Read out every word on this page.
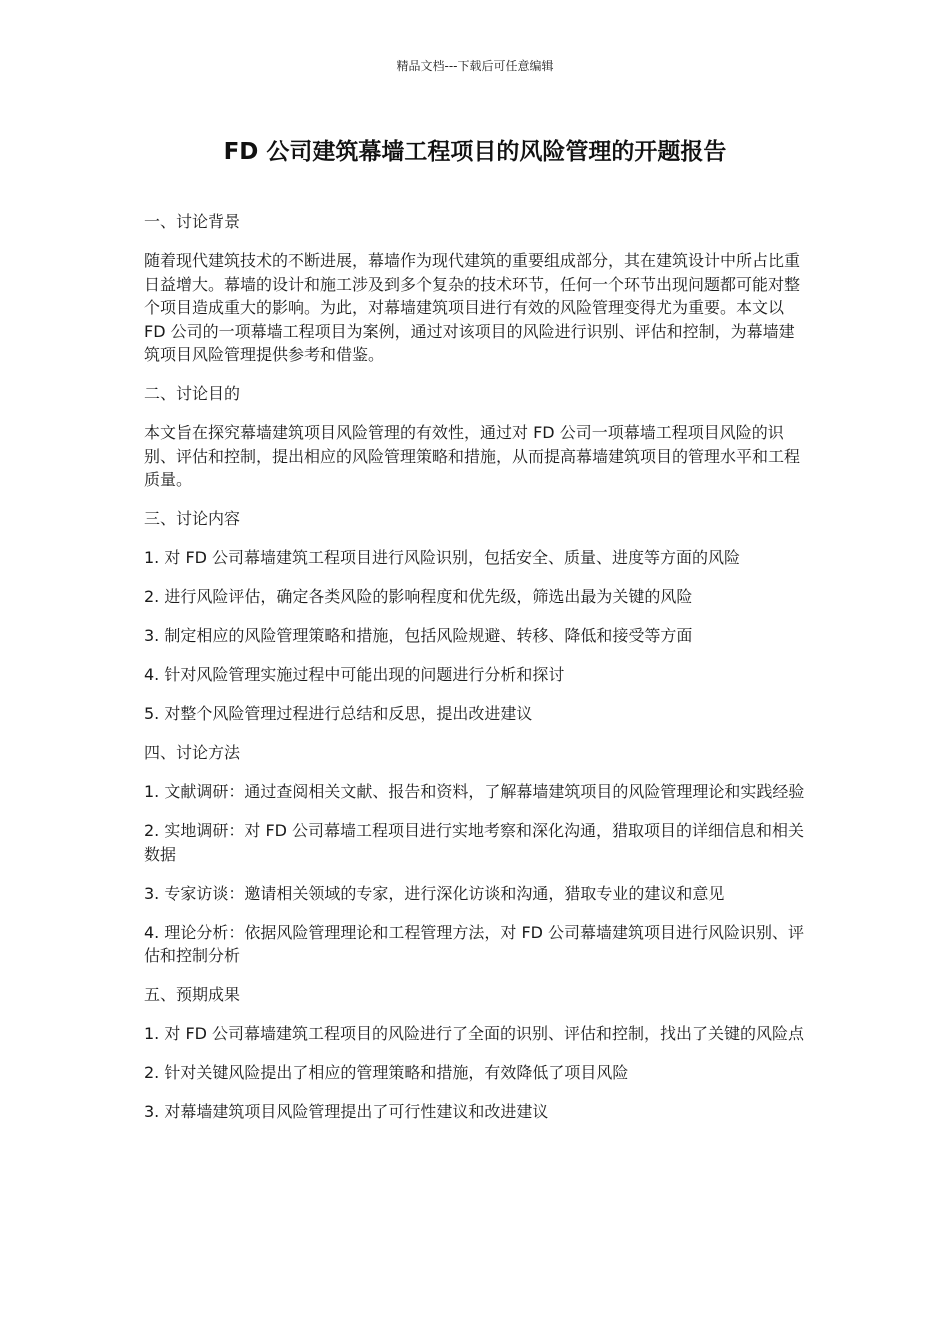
精品文档---下载后可任意编辑
FD 公司建筑幕墙工程项目的风险管理的开题报告

一、讨论背景

随着现代建筑技术的不断进展，幕墙作为现代建筑的重要组成部分，其在建筑设计中所占比重日益增大。幕墙的设计和施工涉及到多个复杂的技术环节，任何一个环节出现问题都可能对整个项目造成重大的影响。为此，对幕墙建筑项目进行有效的风险管理变得尤为重要。本文以 FD 公司的一项幕墙工程项目为案例，通过对该项目的风险进行识别、评估和控制，为幕墙建筑项目风险管理提供参考和借鉴。

二、讨论目的

本文旨在探究幕墙建筑项目风险管理的有效性，通过对 FD 公司一项幕墙工程项目风险的识别、评估和控制，提出相应的风险管理策略和措施，从而提高幕墙建筑项目的管理水平和工程质量。

三、讨论内容

1. 对 FD 公司幕墙建筑工程项目进行风险识别，包括安全、质量、进度等方面的风险

2. 进行风险评估，确定各类风险的影响程度和优先级，筛选出最为关键的风险

3. 制定相应的风险管理策略和措施，包括风险规避、转移、降低和接受等方面

4. 针对风险管理实施过程中可能出现的问题进行分析和探讨

5. 对整个风险管理过程进行总结和反思，提出改进建议

四、讨论方法

1. 文献调研：通过查阅相关文献、报告和资料，了解幕墙建筑项目的风险管理理论和实践经验

2. 实地调研：对 FD 公司幕墙工程项目进行实地考察和深化沟通，猎取项目的详细信息和相关数据

3. 专家访谈：邀请相关领域的专家，进行深化访谈和沟通，猎取专业的建议和意见

4. 理论分析：依据风险管理理论和工程管理方法，对 FD 公司幕墙建筑项目进行风险识别、评估和控制分析

五、预期成果

1. 对 FD 公司幕墙建筑工程项目的风险进行了全面的识别、评估和控制，找出了关键的风险点

2. 针对关键风险提出了相应的管理策略和措施，有效降低了项目风险

3. 对幕墙建筑项目风险管理提出了可行性建议和改进建议
